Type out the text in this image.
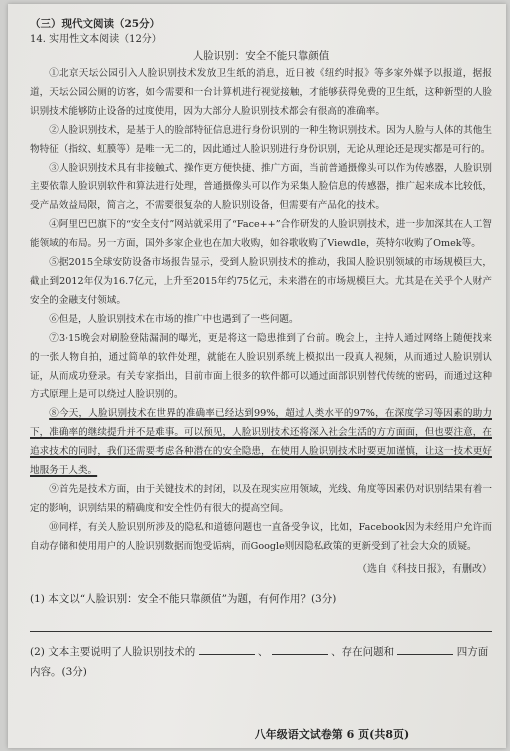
（三）现代文阅读（25分）
14. 实用性文本阅读（12分）
人脸识别：安全不能只靠颜值

①北京天坛公园引入人脸识别技术发放卫生纸的消息，近日被《纽约时报》等多家外媒予以报道，据报道，天坛公园公厕的访客，如今需要和一台计算机进行视觉接触，才能够获得免费的卫生纸，这种新型的人脸识别技术能够防止设备的过度使用，因为大部分人脸识别技术都会有很高的准确率。

②人脸识别技术，是基于人的脸部特征信息进行身份识别的一种生物识别技术。因为人脸与人体的其他生物特征（指纹、虹膜等）是唯一无二的，因此通过人脸识别进行身份识别，无论从理论还是现实都是可行的。

③人脸识别技术具有非接触式、操作更方便快捷、推广方面，当前普通摄像头可以作为传感器，人脸识别主要依靠人脸识别软件和算法进行处理，普通摄像头可以作为采集人脸信息的传感器，推广起来成本比较低，受产品效益局限，简言之，不需要很复杂的人脸识别设备，但需要有产品化的技术。

④阿里巴巴旗下的“安全支付”网站就采用了“Face++”合作研发的人脸识别技术，进一步加深其在人工智能领域的布局。另一方面，国外多家企业也在加大收购，如谷歌收购了Viewdle，英特尔收购了Omek等。

⑤据2015全球安防设备市场报告显示，受到人脸识别技术的推动，我国人脸识别领域的市场规模巨大，截止到2012年仅为16.7亿元，上升至2015年约75亿元，未来潜在的市场规模巨大。尤其是在关乎个人财产安全的金融支付领域。

⑥但是，人脸识别技术在市场的推广中也遇到了一些问题。

⑦3·15晚会对刷脸登陆漏洞的曝光，更是将这一隐患推到了台前。晚会上，主持人通过网络上随便找来的一张人物自拍，通过简单的软件处理，就能在人脸识别系统上模拟出一段真人视频，从而通过人脸识别认证，从而成功登录。有关专家指出，目前市面上很多的软件都可以通过面部识别替代传统的密码，而通过这种方式原理上是可以绕过人脸识别的。

⑧今天，人脸识别技术在世界的准确率已经达到99%，超过人类水平的97%，在深度学习等因素的助力下，准确率的继续提升并不是难事。可以预见，人脸识别技术还将深入社会生活的方方面面，但也要注意，在追求技术的同时，我们还需要考虑各种潜在的安全隐患，在使用人脸识别技术时要更加谨慎，让这一技术更好地服务于人类。

⑨首先是技术方面，由于关键技术的封闭，以及在现实应用领域，光线、角度等因素仍对识别结果有着一定的影响，识别结果的精确度和安全性仍有很大的提高空间。

⑩同样，有关人脸识别所涉及的隐私和道德问题也一直备受争议，比如，Facebook因为未经用户允许而自动存储和使用用户的人脸识别数据而饱受诟病，而Google则因隐私政策的更新受到了社会大众的质疑。

（选自《科技日报》，有删改）
(1) 本文以“人脸识别：安全不能只靠颜值”为题，有何作用？(3分)
(2) 文本主要说明了人脸识别技术的	、	、存在问题和	四方面内容。(3分)
八年级语文试卷第 6 页(共8页)
